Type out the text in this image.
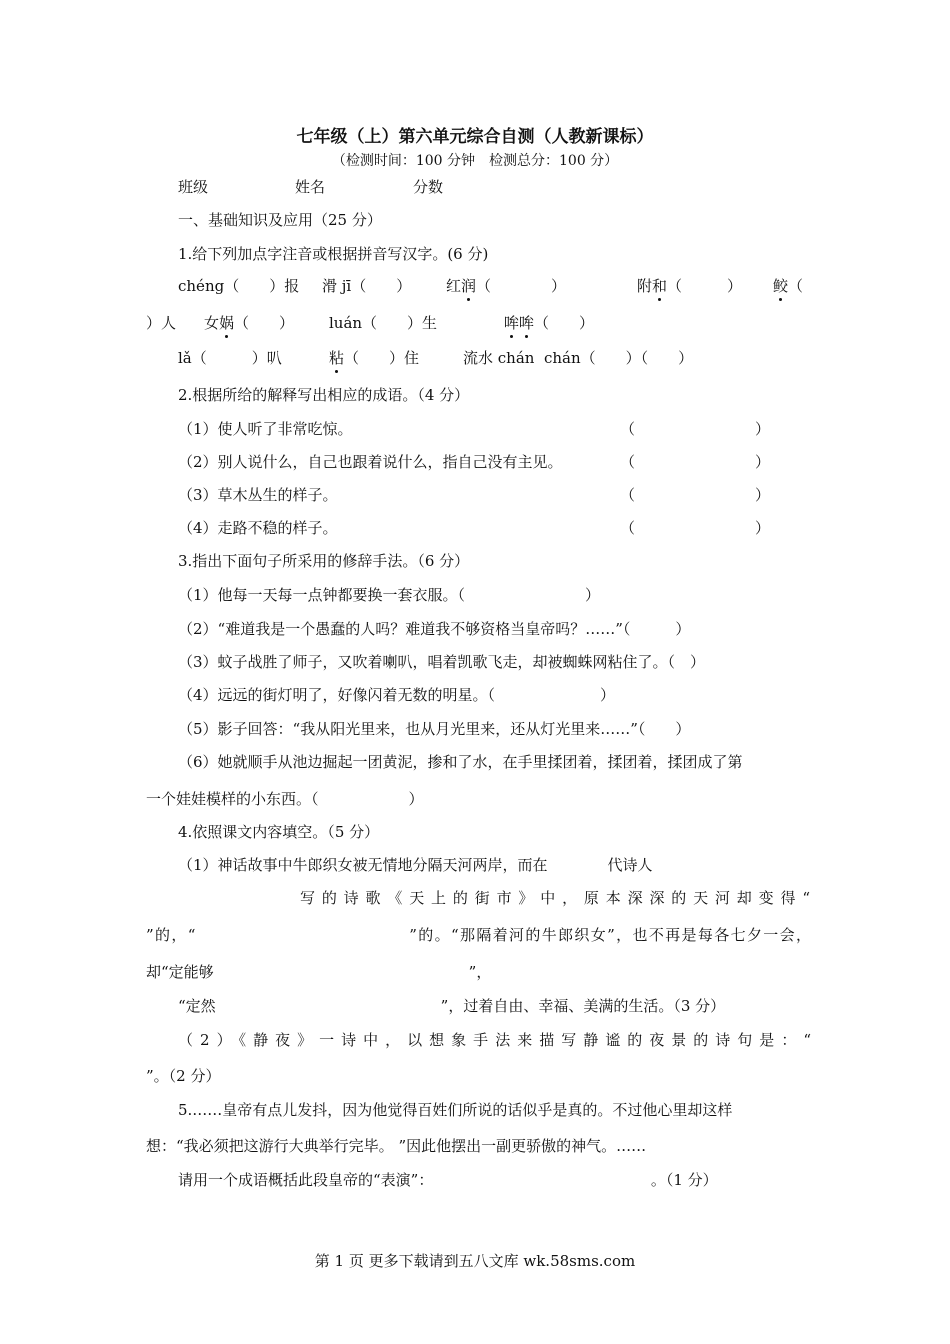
七年级（上）第六单元综合自测（人教新课标）
（检测时间：100 分钟　检测总分：100 分）
班级	姓名	分数
一、基础知识及应用（25 分）
1.给下列加点字注音或根据拼音写汉字。(6 分)
chéng（　　）报 滑 jī（　　） 红润（　　　　）	附和（　　　） 鲛（
）人 女娲（　　） luán（　　）生	哞哞（　　）
lǎ（　　　）叭	粘（　　）住	流水 chán  chán（　　）（　　）
2.根据所给的解释写出相应的成语。（4 分）
（1）使人听了非常吃惊。	（　　　　　　　　）
（2）别人说什么，自己也跟着说什么，指自己没有主见。	（　　　　　　　　）
（3）草木丛生的样子。	（　　　　　　　　）
（4）走路不稳的样子。	（　　　　　　　　）
3.指出下面句子所采用的修辞手法。（6 分）
（1）他每一天每一点钟都要换一套衣服。（　　　　　　　　）
（2）“难道我是一个愚蠢的人吗？难道我不够资格当皇帝吗？……”（　　　）
（3）蚊子战胜了师子，又吹着喇叭，唱着凯歌飞走，却被蜘蛛网粘住了。（　）
（4）远远的街灯明了，好像闪着无数的明星。（　　　　　　　）
（5）影子回答：“我从阳光里来，也从月光里来，还从灯光里来……”（　　）
（6）她就顺手从池边掘起一团黄泥，掺和了水，在手里揉团着，揉团着，揉团成了第
一个娃娃模样的小东西。（　　　　　　）
4.依照课文内容填空。（5 分）
（1）神话故事中牛郎织女被无情地分隔天河两岸，而在　　　　代诗人
写的诗歌《天上的街市》中，原本深深的天河却变得“
”的，“　　　　　　　　　　　　　”的。“那隔着河的牛郎织女”，也不再是每各七夕一会，
却“定能够　　　　　　　　　　　　　　　　　”，
“定然　　　　　　　　　　　　　　　”，过着自由、幸福、美满的生活。（3 分）
（2）《静夜》一诗中，以想象手法来描写静谧的夜景的诗句是：“
”。（2 分）
5.……皇帝有点儿发抖，因为他觉得百姓们所说的话似乎是真的。不过他心里却这样
想：“我必须把这游行大典举行完毕。 ”因此他摆出一副更骄傲的神气。……
请用一个成语概括此段皇帝的“表演”：　　　　　　　　　　　　　　　。（1 分）
第 1 页 更多下载请到五八文库 wk.58sms.com
